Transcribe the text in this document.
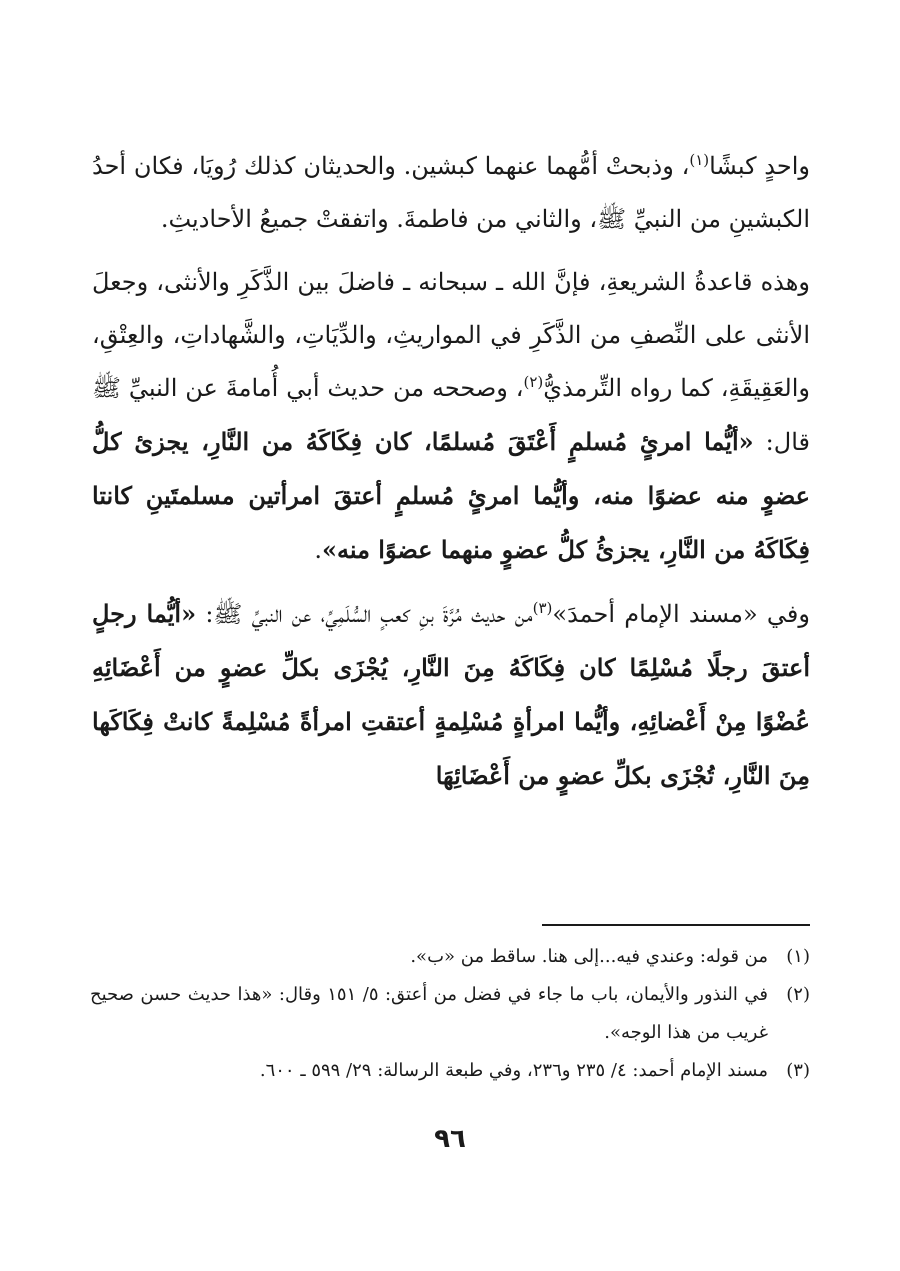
واحدٍ كبشًا$^{(١)}$، وذبحتْ أمُّهما عنهما كبشين. والحديثان كذلك رُويَا، فكان أحدُ الكبشينِ من النبيِّ ﷺ، والثاني من فاطمةَ. واتفقتْ جميعُ الأحاديثِ.

وهذه قاعدةُ الشريعةِ، فإنَّ الله ـ سبحانه ـ فاضلَ بين الذَّكَرِ والأنثى، وجعلَ الأنثى على النِّصفِ من الذَّكَرِ في المواريثِ، والدِّيَاتِ، والشَّهاداتِ، والعِتْقِ، والعَقِيقَةِ، كما رواه التِّرمذيُّ$^{(٢)}$، وصححه من حديث أبي أُمامةَ عن النبيِّ ﷺ قال: «أيُّما امرئٍ مُسلمٍ أَعْتَقَ مُسلمًا، كان فِكَاكَهُ من النَّارِ، يجزئ كلُّ عضوٍ منه عضوًا منه، وأيُّما امرئٍ مُسلمٍ أعتقَ امرأتين مسلمتَينِ كانتا فِكَاكَهُ من النَّارِ، يجزئُ كلُّ عضوٍ منهما عضوًا منه».

وفي «مسند الإمام أحمدَ»$^{(٣)}$من حديث مُرَّةَ بنِ كعبٍ السُّلَمِيِّ، عن النبيِّ ﷺ: «أيُّما رجلٍ أعتقَ رجلًا مُسْلِمًا كان فِكَاكَهُ مِنَ النَّارِ، يُجْزَى بكلِّ عضوٍ من أَعْضَائِهِ عُضْوًا مِنْ أَعْضائِهِ، وأيُّما امرأةٍ مُسْلِمةٍ أعتقتِ امرأةً مُسْلِمةً كانتْ فِكَاكَها مِنَ النَّارِ، تُجْزَى بكلِّ عضوٍ من أَعْضَائِهَا

(١)
من قوله: وعندي فيه...إلى هنا. ساقط من «ب».
(٢)
في النذور والأيمان، باب ما جاء في فضل من أعتق: ٥/ ١٥١ وقال: «هذا حديث حسن صحيح غريب من هذا الوجه».
(٣)
مسند الإمام أحمد: ٤/ ٢٣٥ و٢٣٦، وفي طبعة الرسالة: ٢٩/ ٥٩٩ ـ ٦٠٠.
٩٦
